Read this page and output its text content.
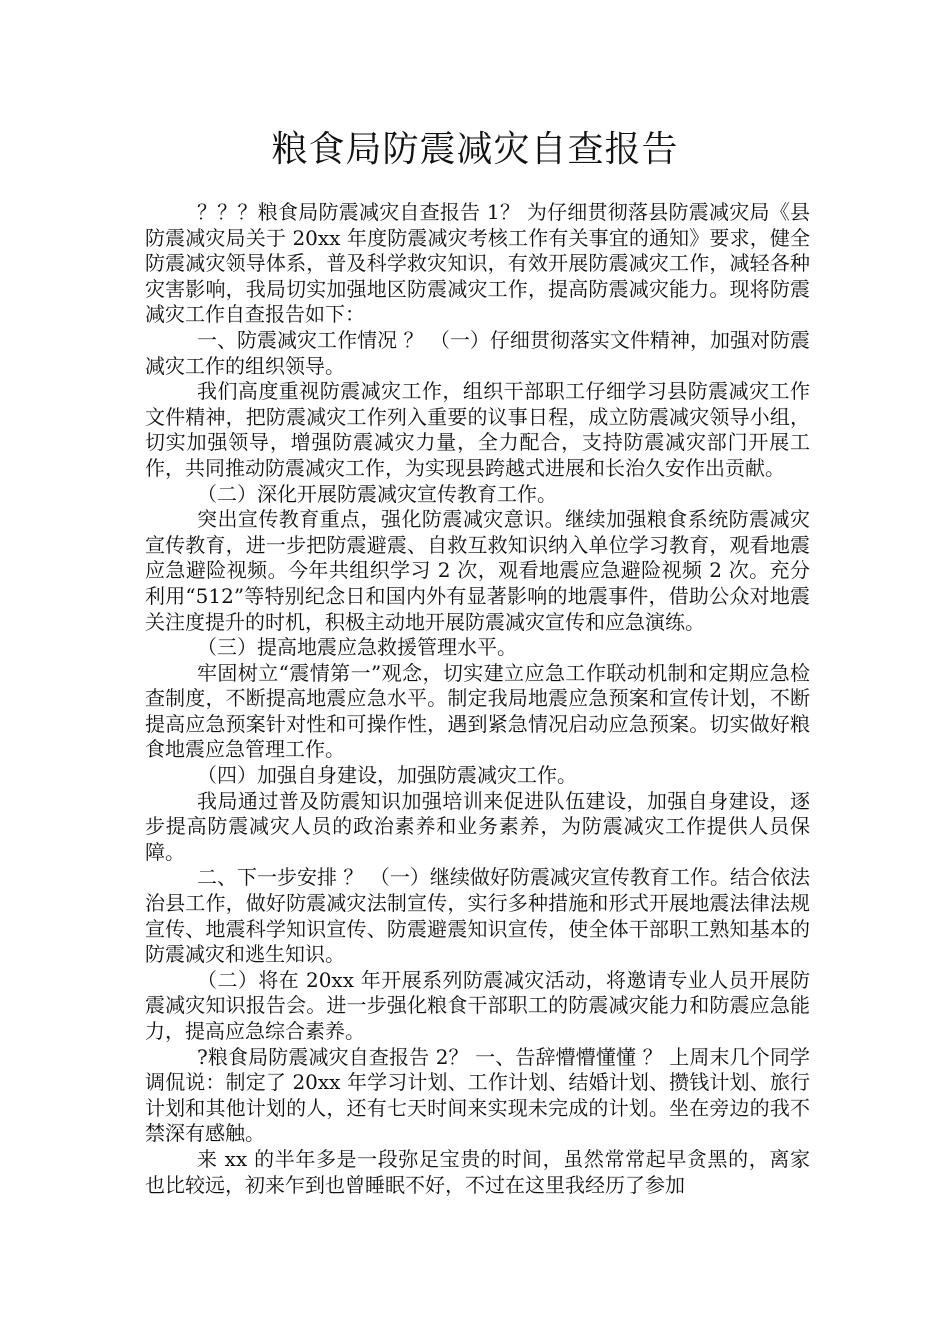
粮食局防震减灾自查报告

？？？粮食局防震减灾自查报告 1？ 为仔细贯彻落县防震减灾局《县防震减灾局关于 20xx 年度防震减灾考核工作有关事宜的通知》要求，健全防震减灾领导体系，普及科学救灾知识，有效开展防震减灾工作，减轻各种灾害影响，我局切实加强地区防震减灾工作，提高防震减灾能力。现将防震减灾工作自查报告如下：

一、防震减灾工作情况 ？ （一）仔细贯彻落实文件精神，加强对防震减灾工作的组织领导。

我们高度重视防震减灾工作，组织干部职工仔细学习县防震减灾工作文件精神，把防震减灾工作列入重要的议事日程，成立防震减灾领导小组，切实加强领导，增强防震减灾力量，全力配合，支持防震减灾部门开展工作，共同推动防震减灾工作，为实现县跨越式进展和长治久安作出贡献。

（二）深化开展防震减灾宣传教育工作。

突出宣传教育重点，强化防震减灾意识。继续加强粮食系统防震减灾宣传教育，进一步把防震避震、自救互救知识纳入单位学习教育，观看地震应急避险视频。今年共组织学习 2 次，观看地震应急避险视频 2 次。充分利用“512”等特别纪念日和国内外有显著影响的地震事件，借助公众对地震关注度提升的时机，积极主动地开展防震减灾宣传和应急演练。

（三）提高地震应急救援管理水平。

牢固树立“震情第一”观念，切实建立应急工作联动机制和定期应急检查制度，不断提高地震应急水平。制定我局地震应急预案和宣传计划，不断提高应急预案针对性和可操作性，遇到紧急情况启动应急预案。切实做好粮食地震应急管理工作。

（四）加强自身建设，加强防震减灾工作。

我局通过普及防震知识加强培训来促进队伍建设，加强自身建设，逐步提高防震减灾人员的政治素养和业务素养，为防震减灾工作提供人员保障。

二、下一步安排 ？ （一）继续做好防震减灾宣传教育工作。结合依法治县工作，做好防震减灾法制宣传，实行多种措施和形式开展地震法律法规宣传、地震科学知识宣传、防震避震知识宣传，使全体干部职工熟知基本的防震减灾和逃生知识。

（二）将在 20xx 年开展系列防震减灾活动，将邀请专业人员开展防震减灾知识报告会。进一步强化粮食干部职工的防震减灾能力和防震应急能力，提高应急综合素养。

?粮食局防震减灾自查报告 2？ 一、告辞懵懵懂懂 ？ 上周末几个同学调侃说：制定了 20xx 年学习计划、工作计划、结婚计划、攒钱计划、旅行计划和其他计划的人，还有七天时间来实现未完成的计划。坐在旁边的我不禁深有感触。

来 xx 的半年多是一段弥足宝贵的时间，虽然常常起早贪黑的，离家也比较远，初来乍到也曾睡眠不好，不过在这里我经历了参加
